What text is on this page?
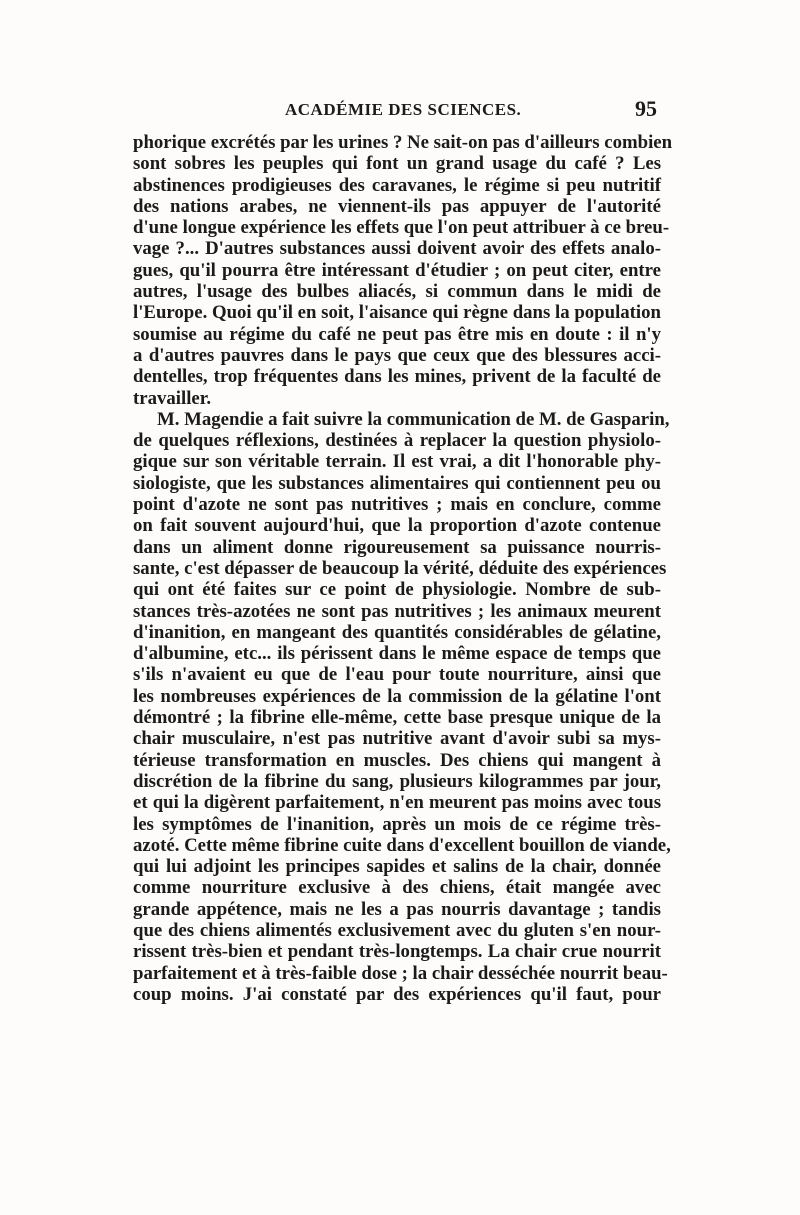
ACADÉMIE DES SCIENCES.	95
phorique excrétés par les urines ? Ne sait-on pas d'ailleurs combien
sont sobres les peuples qui font un grand usage du café ? Les
abstinences prodigieuses des caravanes, le régime si peu nutritif
des nations arabes, ne viennent-ils pas appuyer de l'autorité
d'une longue expérience les effets que l'on peut attribuer à ce breu-
vage ?... D'autres substances aussi doivent avoir des effets analo-
gues, qu'il pourra être intéressant d'étudier ; on peut citer, entre
autres, l'usage des bulbes aliacés, si commun dans le midi de
l'Europe. Quoi qu'il en soit, l'aisance qui règne dans la population
soumise au régime du café ne peut pas être mis en doute : il n'y
a d'autres pauvres dans le pays que ceux que des blessures acci-
dentelles, trop fréquentes dans les mines, privent de la faculté de
travailler.
M. Magendie a fait suivre la communication de M. de Gasparin,
de quelques réflexions, destinées à replacer la question physiolo-
gique sur son véritable terrain. Il est vrai, a dit l'honorable phy-
siologiste, que les substances alimentaires qui contiennent peu ou
point d'azote ne sont pas nutritives ; mais en conclure, comme
on fait souvent aujourd'hui, que la proportion d'azote contenue
dans un aliment donne rigoureusement sa puissance nourris-
sante, c'est dépasser de beaucoup la vérité, déduite des expériences
qui ont été faites sur ce point de physiologie. Nombre de sub-
stances très-azotées ne sont pas nutritives ; les animaux meurent
d'inanition, en mangeant des quantités considérables de gélatine,
d'albumine, etc... ils périssent dans le même espace de temps que
s'ils n'avaient eu que de l'eau pour toute nourriture, ainsi que
les nombreuses expériences de la commission de la gélatine l'ont
démontré ; la fibrine elle-même, cette base presque unique de la
chair musculaire, n'est pas nutritive avant d'avoir subi sa mys-
térieuse transformation en muscles. Des chiens qui mangent à
discrétion de la fibrine du sang, plusieurs kilogrammes par jour,
et qui la digèrent parfaitement, n'en meurent pas moins avec tous
les symptômes de l'inanition, après un mois de ce régime très-
azoté. Cette même fibrine cuite dans d'excellent bouillon de viande,
qui lui adjoint les principes sapides et salins de la chair, donnée
comme nourriture exclusive à des chiens, était mangée avec
grande appétence, mais ne les a pas nourris davantage ; tandis
que des chiens alimentés exclusivement avec du gluten s'en nour-
rissent très-bien et pendant très-longtemps. La chair crue nourrit
parfaitement et à très-faible dose ; la chair desséchée nourrit beau-
coup moins. J'ai constaté par des expériences qu'il faut, pour
